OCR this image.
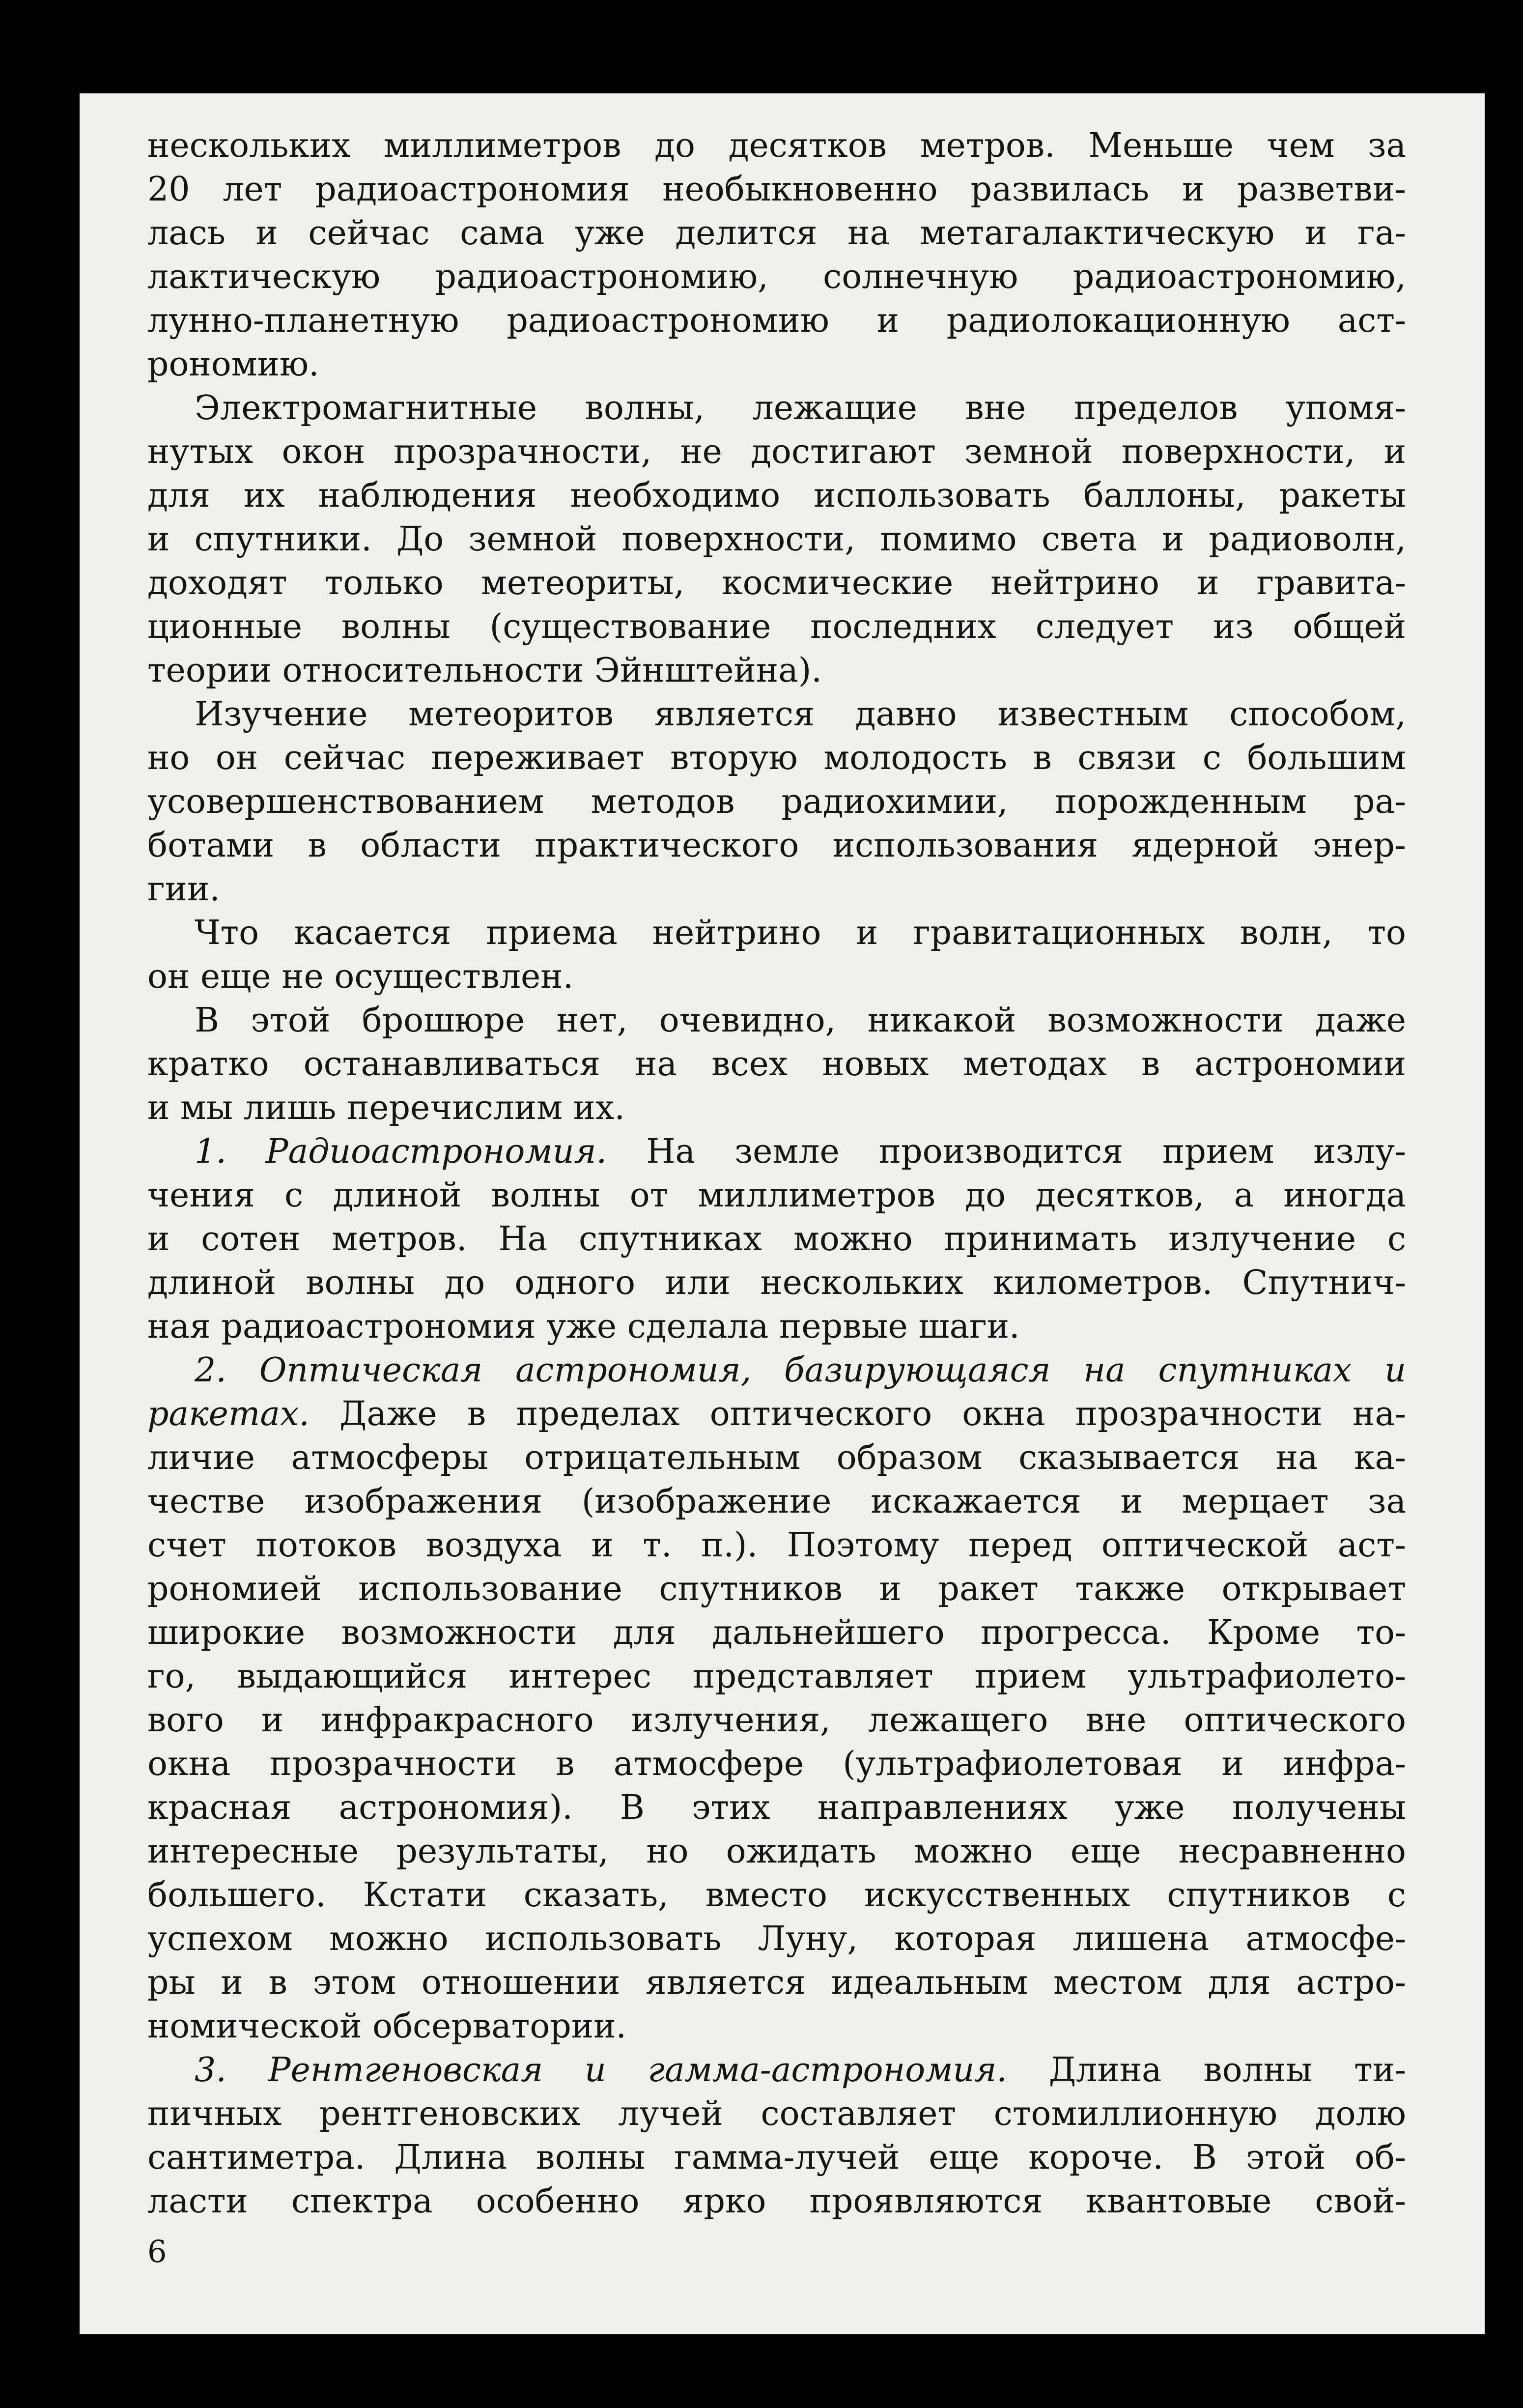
нескольких миллиметров до десятков метров. Меньше чем за
20 лет радиоастрономия необыкновенно развилась и разветви-
лась и сейчас сама уже делится на метагалактическую и га-
лактическую радиоастрономию, солнечную радиоастрономию,
лунно-планетную радиоастрономию и радиолокационную аст-
рономию.
Электромагнитные волны, лежащие вне пределов упомя-
нутых окон прозрачности, не достигают земной поверхности, и
для их наблюдения необходимо использовать баллоны, ракеты
и спутники. До земной поверхности, помимо света и радиоволн,
доходят только метеориты, космические нейтрино и гравита-
ционные волны (существование последних следует из общей
теории относительности Эйнштейна).
Изучение метеоритов является давно известным способом,
но он сейчас переживает вторую молодость в связи с большим
усовершенствованием методов радиохимии, порожденным ра-
ботами в области практического использования ядерной энер-
гии.
Что касается приема нейтрино и гравитационных волн, то
он еще не осуществлен.
В этой брошюре нет, очевидно, никакой возможности даже
кратко останавливаться на всех новых методах в астрономии
и мы лишь перечислим их.
1. Радиоастрономия. На земле производится прием излу-
чения с длиной волны от миллиметров до десятков, а иногда
и сотен метров. На спутниках можно принимать излучение с
длиной волны до одного или нескольких километров. Спутнич-
ная радиоастрономия уже сделала первые шаги.
2. Оптическая астрономия, базирующаяся на спутниках и
ракетах. Даже в пределах оптического окна прозрачности на-
личие атмосферы отрицательным образом сказывается на ка-
честве изображения (изображение искажается и мерцает за
счет потоков воздуха и т. п.). Поэтому перед оптической аст-
рономией использование спутников и ракет также открывает
широкие возможности для дальнейшего прогресса. Кроме то-
го, выдающийся интерес представляет прием ультрафиолето-
вого и инфракрасного излучения, лежащего вне оптического
окна прозрачности в атмосфере (ультрафиолетовая и инфра-
красная астрономия). В этих направлениях уже получены
интересные результаты, но ожидать можно еще несравненно
большего. Кстати сказать, вместо искусственных спутников с
успехом можно использовать Луну, которая лишена атмосфе-
ры и в этом отношении является идеальным местом для астро-
номической обсерватории.
3. Рентгеновская и гамма-астрономия. Длина волны ти-
пичных рентгеновских лучей составляет стомиллионную долю
сантиметра. Длина волны гамма-лучей еще короче. В этой об-
ласти спектра особенно ярко проявляются квантовые свой-
6
